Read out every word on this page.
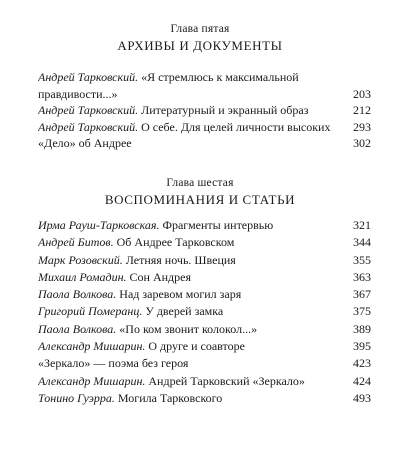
Глава пятая
АРХИВЫ И ДОКУМЕНТЫ
Андрей Тарковский. «Я стремлюсь к максимальной
правдивости...»	203
Андрей Тарковский. Литературный и экранный образ	212
Андрей Тарковский. О себе. Для целей личности высоких 293
«Дело» об Андрее	302
Глава шестая
ВОСПОМИНАНИЯ И СТАТЬИ
Ирма Рауш-Тарковская. Фрагменты интервью	321
Андрей Битов. Об Андрее Тарковском	344
Марк Розовский. Летняя ночь. Швеция	355
Михаил Ромадин. Сон Андрея	363
Паола Волкова. Над заревом могил заря	367
Григорий Померанц. У дверей замка	375
Паола Волкова. «По ком звонит колокол...»	389
Александр Мишарин. О друге и соавторе	395
«Зеркало» — поэма без героя	423
Александр Мишарин. Андрей Тарковский «Зеркало»	424
Тонино Гуэрра. Могила Тарковского	493
